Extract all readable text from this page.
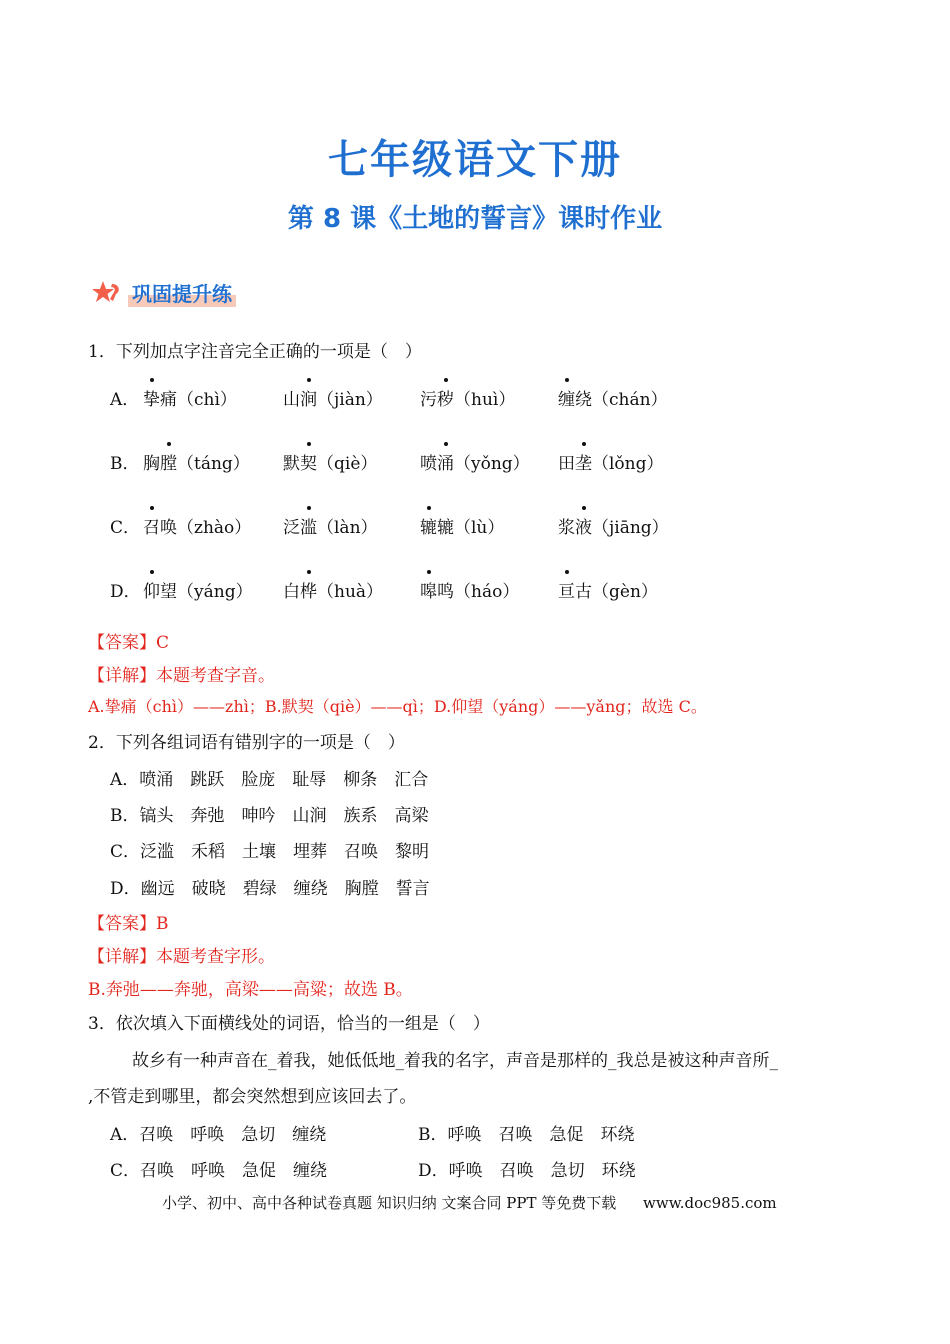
七年级语文下册
第 8 课《土地的誓言》课时作业
巩固提升练
1．下列加点字注音完全正确的一项是（　）
A． 挚痛（chì）	山涧（jiàn） 污秽（huì）	缠绕（chán）
B． 胸膛（táng） 默契（qiè）	喷涌（yǒng） 田垄（lǒng）
C． 召唤（zhào） 泛滥（làn） 辘辘（lù）	浆液（jiāng）
D． 仰望（yáng） 白桦（huà） 嗥鸣（háo） 亘古（gèn）
【答案】C
【详解】本题考查字音。
A.挚痛（chì）——zhì；B.默契（qiè）——qì；D.仰望（yáng）——yǎng；故选 C。
2．下列各组词语有错别字的一项是（　）
A．喷涌　跳跃　脸庞　耻辱　柳条　汇合
B．镐头　奔弛　呻吟　山涧　族系　高梁
C．泛滥　禾稻　土壤　埋葬　召唤　黎明
D．幽远　破晓　碧绿　缠绕　胸膛　誓言
【答案】B
【详解】本题考查字形。
B.奔弛——奔驰，高梁——高粱；故选 B。
3．依次填入下面横线处的词语，恰当的一组是（　）
故乡有一种声音在_着我，她低低地_着我的名字，声音是那样的_我总是被这种声音所_
,不管走到哪里，都会突然想到应该回去了。
A．召唤　呼唤　急切　缠绕	B．呼唤　召唤　急促　环绕
C．召唤　呼唤　急促　缠绕	D．呼唤　召唤　急切　环绕
小学、初中、高中各种试卷真题 知识归纳 文案合同 PPT 等免费下载 www.doc985.com
